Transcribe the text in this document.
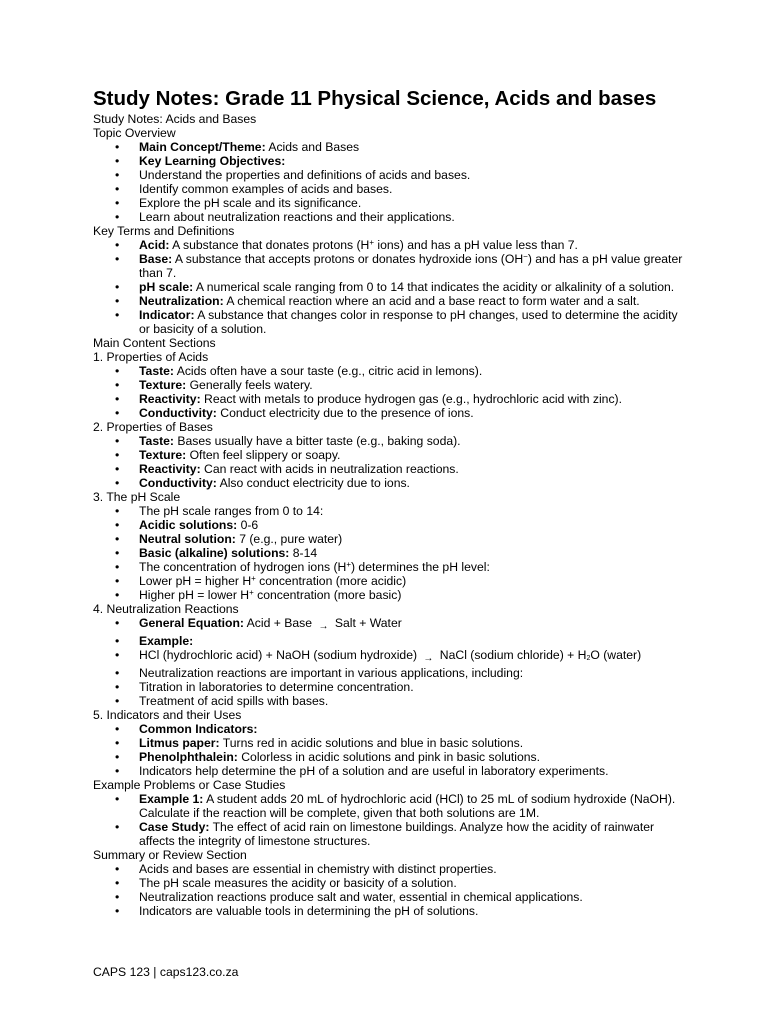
Study Notes: Grade 11 Physical Science, Acids and bases

Study Notes: Acids and Bases

Topic Overview

• Main Concept/Theme: Acids and Bases
• Key Learning Objectives:
• Understand the properties and definitions of acids and bases.
• Identify common examples of acids and bases.
• Explore the pH scale and its significance.
• Learn about neutralization reactions and their applications.

Key Terms and Definitions

• Acid: A substance that donates protons (H+ ions) and has a pH value less than 7.
• Base: A substance that accepts protons or donates hydroxide ions (OH−) and has a pH value greater than 7.
• pH scale: A numerical scale ranging from 0 to 14 that indicates the acidity or alkalinity of a solution.
• Neutralization: A chemical reaction where an acid and a base react to form water and a salt.
• Indicator: A substance that changes color in response to pH changes, used to determine the acidity or basicity of a solution.

Main Content Sections

1. Properties of Acids

• Taste: Acids often have a sour taste (e.g., citric acid in lemons).
• Texture: Generally feels watery.
• Reactivity: React with metals to produce hydrogen gas (e.g., hydrochloric acid with zinc).
• Conductivity: Conduct electricity due to the presence of ions.

2. Properties of Bases

• Taste: Bases usually have a bitter taste (e.g., baking soda).
• Texture: Often feel slippery or soapy.
• Reactivity: Can react with acids in neutralization reactions.
• Conductivity: Also conduct electricity due to ions.

3. The pH Scale

• The pH scale ranges from 0 to 14:
• Acidic solutions: 0-6
• Neutral solution: 7 (e.g., pure water)
• Basic (alkaline) solutions: 8-14
• The concentration of hydrogen ions (H+) determines the pH level:
• Lower pH = higher H+ concentration (more acidic)
• Higher pH = lower H+ concentration (more basic)

4. Neutralization Reactions

• General Equation: Acid + Base → Salt + Water
• Example:
• HCl (hydrochloric acid) + NaOH (sodium hydroxide) → NaCl (sodium chloride) + $H_2O$ (water)
• Neutralization reactions are important in various applications, including:
• Titration in laboratories to determine concentration.
• Treatment of acid spills with bases.

5. Indicators and their Uses

• Common Indicators:
• Litmus paper: Turns red in acidic solutions and blue in basic solutions.
• Phenolphthalein: Colorless in acidic solutions and pink in basic solutions.
• Indicators help determine the pH of a solution and are useful in laboratory experiments.

Example Problems or Case Studies

• Example 1: A student adds 20 mL of hydrochloric acid (HCl) to 25 mL of sodium hydroxide (NaOH). Calculate if the reaction will be complete, given that both solutions are 1M.
• Case Study: The effect of acid rain on limestone buildings. Analyze how the acidity of rainwater affects the integrity of limestone structures.

Summary or Review Section

• Acids and bases are essential in chemistry with distinct properties.
• The pH scale measures the acidity or basicity of a solution.
• Neutralization reactions produce salt and water, essential in chemical applications.
• Indicators are valuable tools in determining the pH of solutions.
CAPS 123 | caps123.co.za
